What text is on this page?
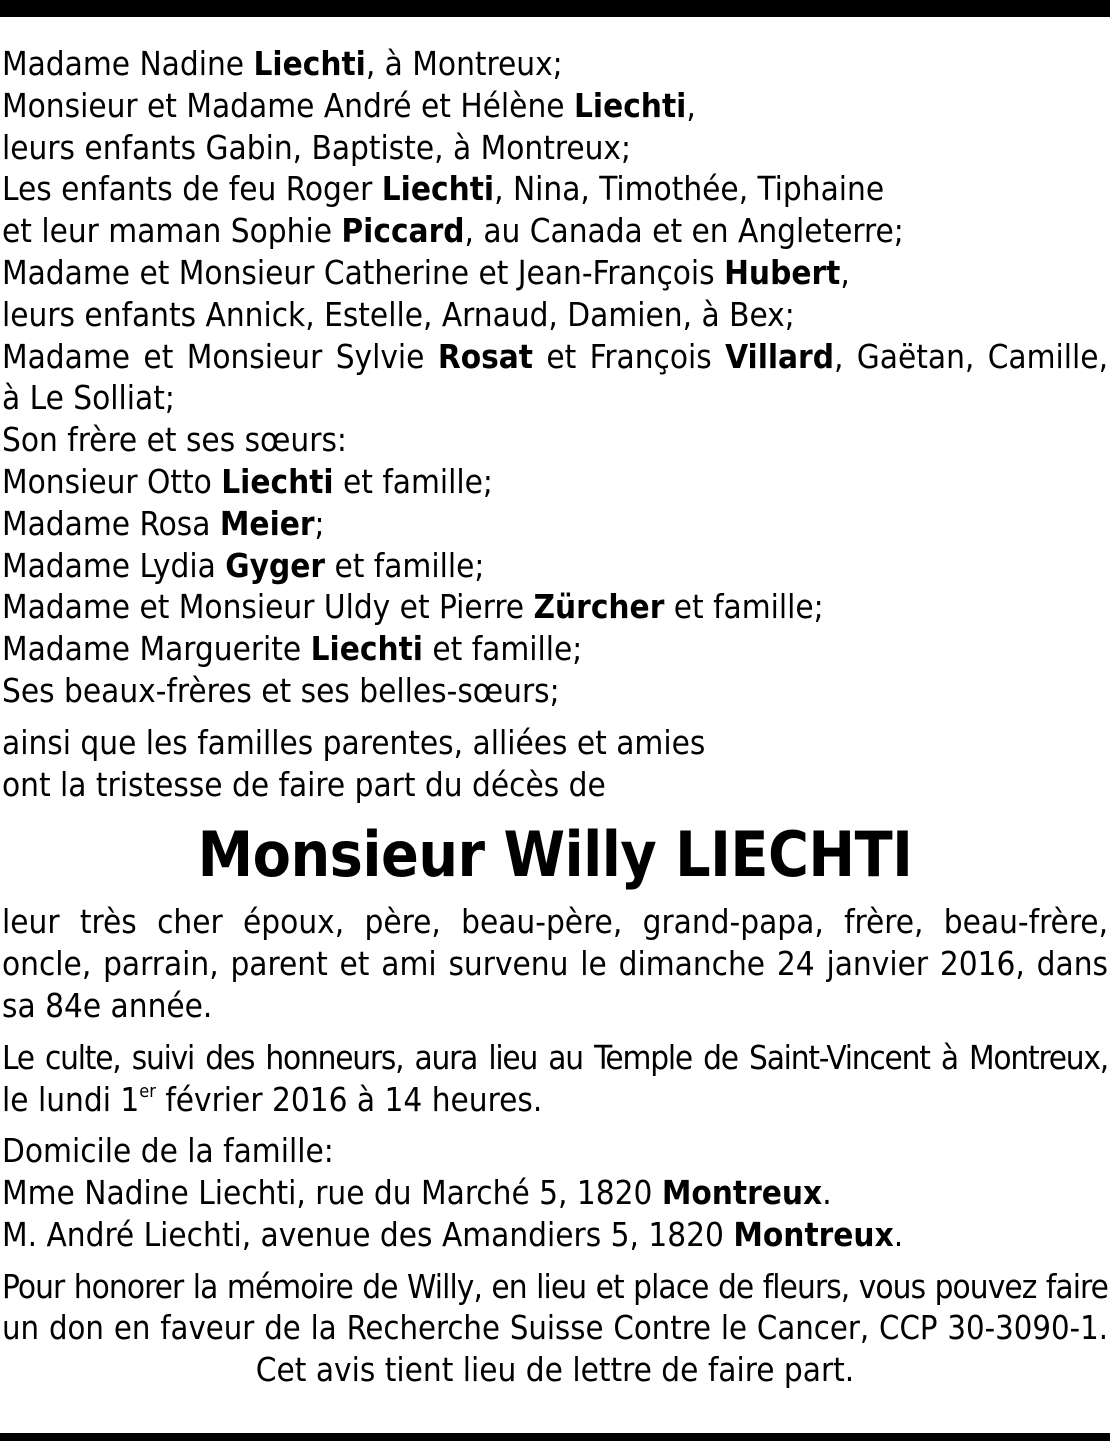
Madame Nadine Liechti, à Montreux;
Monsieur et Madame André et Hélène Liechti,
leurs enfants Gabin, Baptiste, à Montreux;
Les enfants de feu Roger Liechti, Nina, Timothée, Tiphaine
et leur maman Sophie Piccard, au Canada et en Angleterre;
Madame et Monsieur Catherine et Jean-François Hubert,
leurs enfants Annick, Estelle, Arnaud, Damien, à Bex;
Madame et Monsieur Sylvie Rosat et François Villard, Gaëtan, Camille,
à Le Solliat;
Son frère et ses sœurs:
Monsieur Otto Liechti et famille;
Madame Rosa Meier;
Madame Lydia Gyger et famille;
Madame et Monsieur Uldy et Pierre Zürcher et famille;
Madame Marguerite Liechti et famille;
Ses beaux-frères et ses belles-sœurs;
ainsi que les familles parentes, alliées et amies
ont la tristesse de faire part du décès de
Monsieur Willy LIECHTI
leur très cher époux, père, beau-père, grand-papa, frère, beau-frère,
oncle, parrain, parent et ami survenu le dimanche 24 janvier 2016, dans
sa 84e année.
Le culte, suivi des honneurs, aura lieu au Temple de Saint-Vincent à Montreux,
le lundi 1er février 2016 à 14 heures.
Domicile de la famille:
Mme Nadine Liechti, rue du Marché 5, 1820 Montreux.
M. André Liechti, avenue des Amandiers 5, 1820 Montreux.
Pour honorer la mémoire de Willy, en lieu et place de fleurs, vous pouvez faire
un don en faveur de la Recherche Suisse Contre le Cancer, CCP 30-3090-1.
Cet avis tient lieu de lettre de faire part.
